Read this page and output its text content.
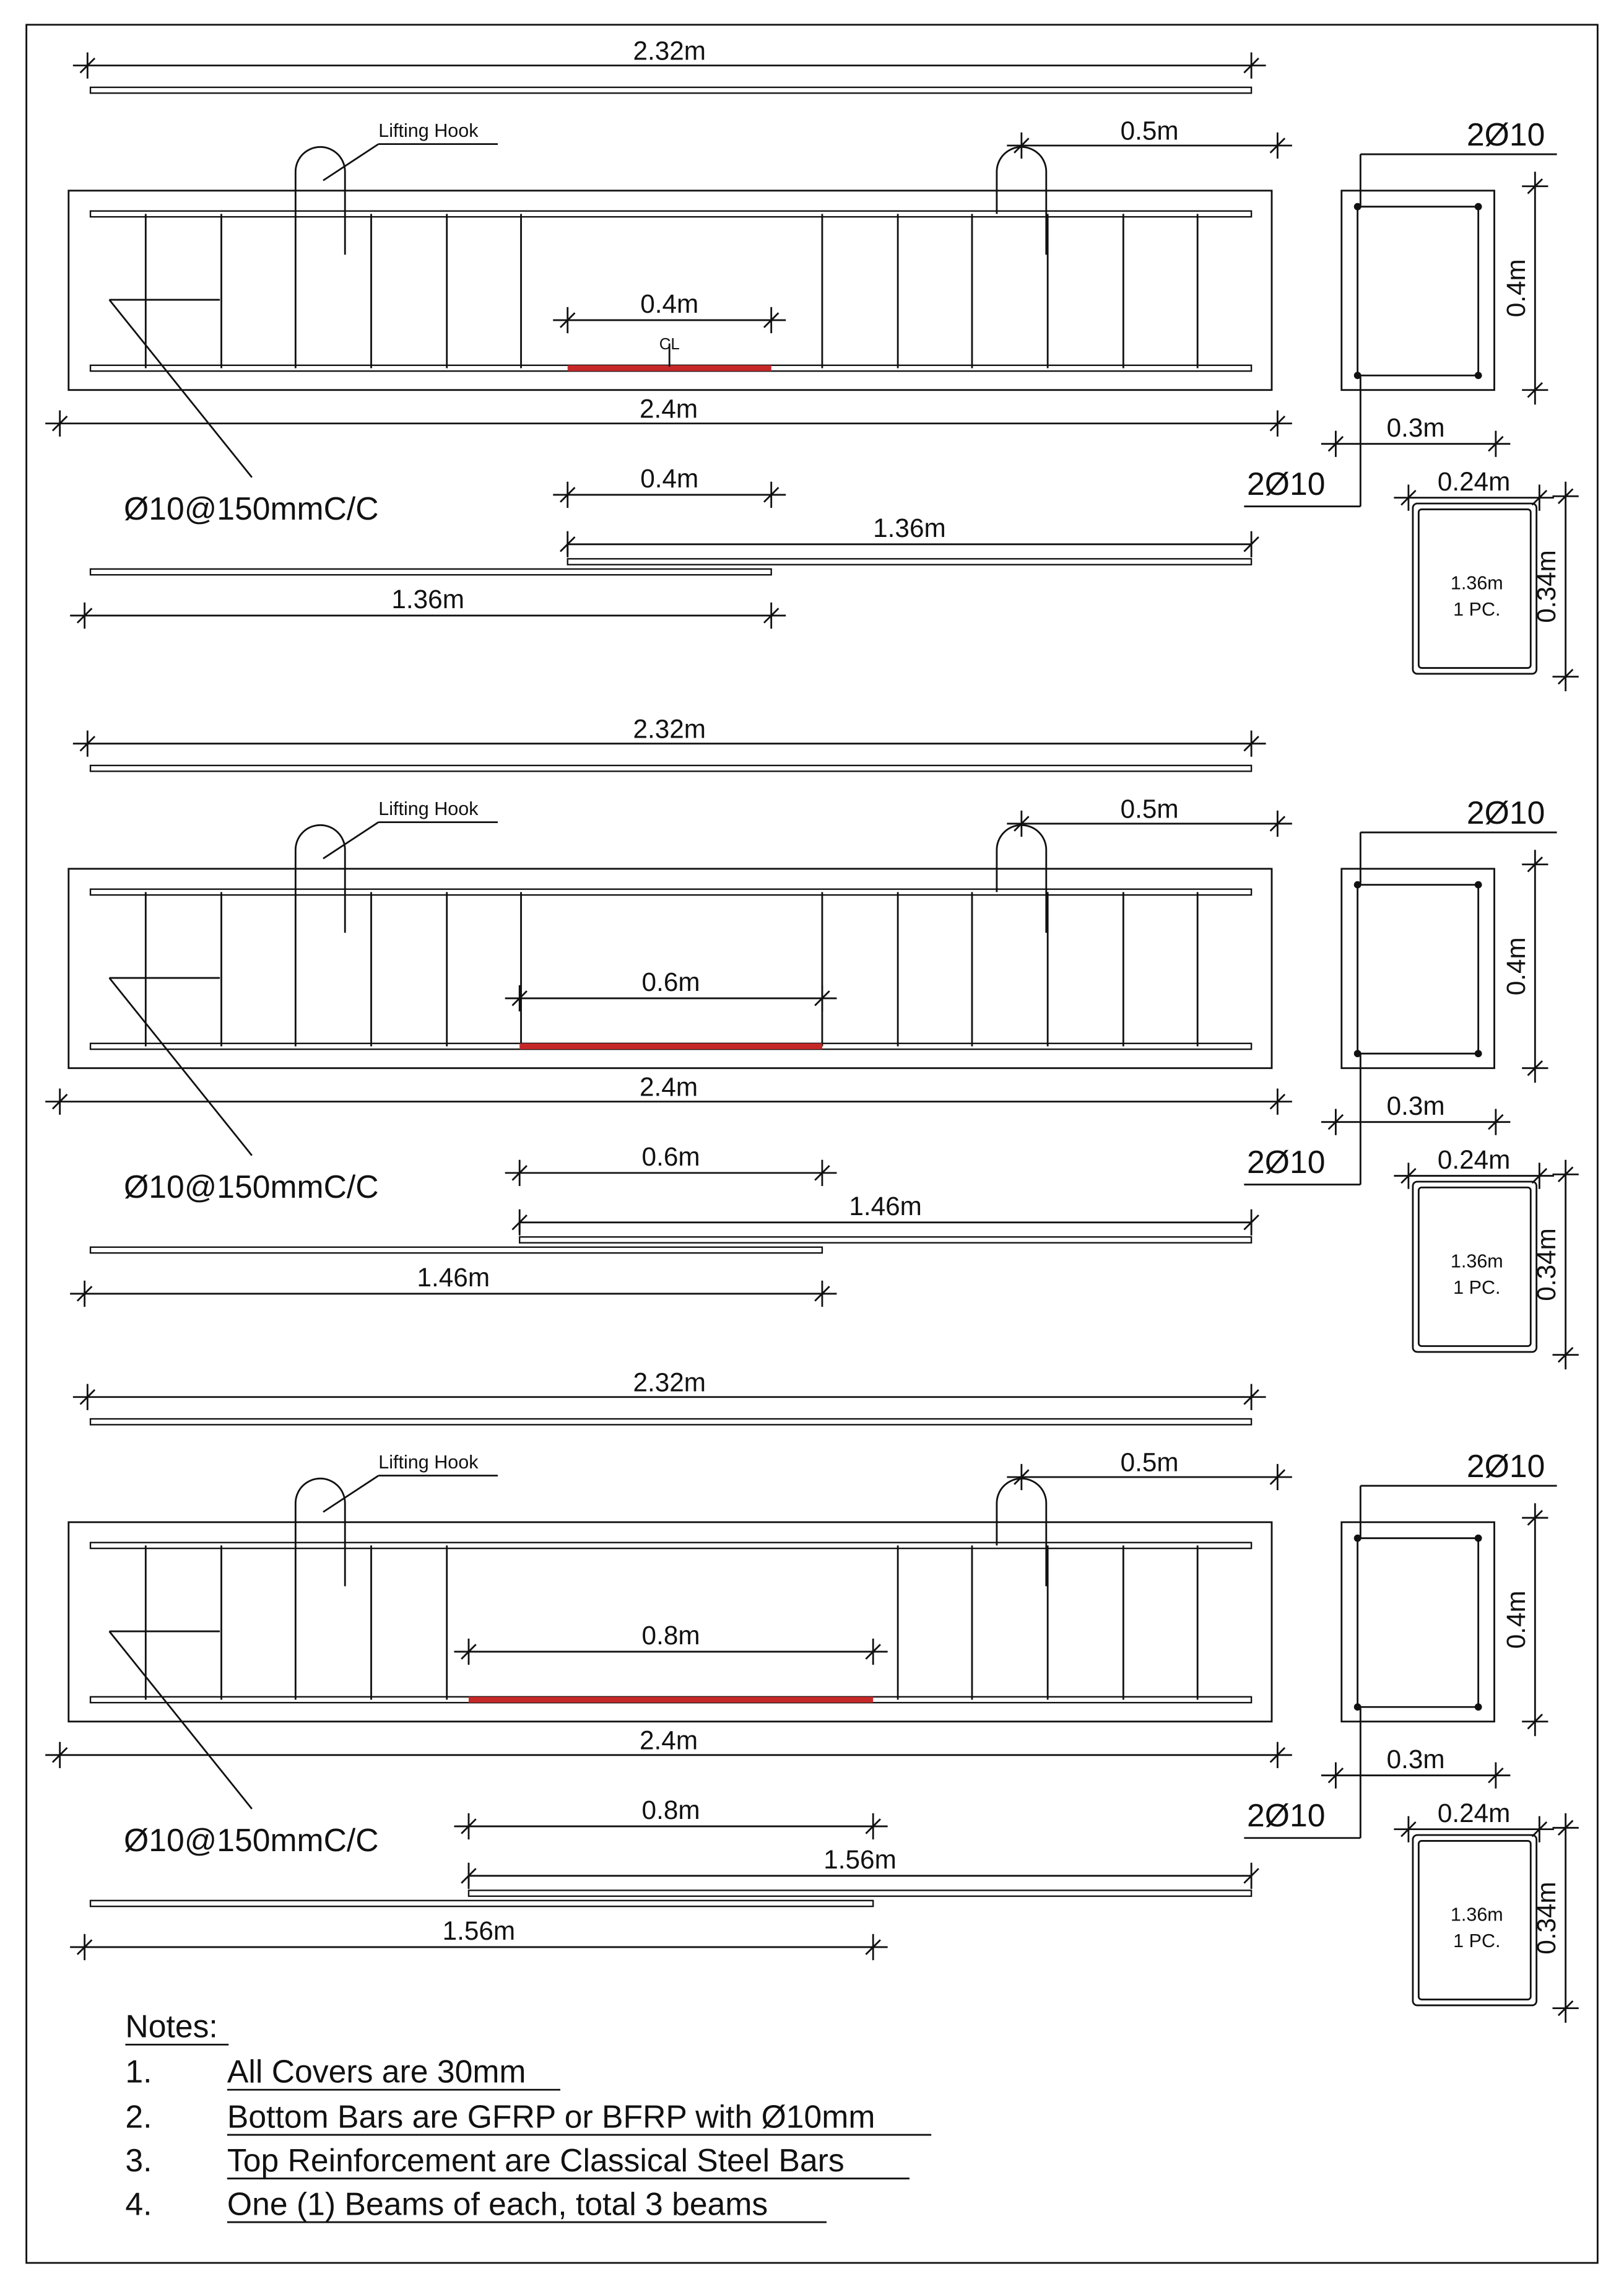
2.32m
Lifting Hook	0.5m
0.4m
CL
2.4m
Ø10@150mmC/C
0.4m
1.36m
1.36m
2Ø10
2Ø10
0.4m
0.3m
0.24m
0.34m
1.36m
1 PC.
2.32m
Lifting Hook	0.5m
0.6m
2.4m
Ø10@150mmC/C
0.6m
1.46m
1.46m
2Ø10
2Ø10
0.4m
0.3m
0.24m
0.34m
1.36m
1 PC.
2.32m
Lifting Hook	0.5m
0.8m
2.4m
Ø10@150mmC/C
0.8m
1.56m
1.56m
2Ø10
2Ø10
0.4m
0.3m
0.24m
0.34m
1.36m
1 PC.
Notes:
1.	All Covers are 30mm
2.	Bottom Bars are GFRP or BFRP with Ø10mm
3.	Top Reinforcement are Classical Steel Bars
4.	One (1) Beams of each, total 3 beams
